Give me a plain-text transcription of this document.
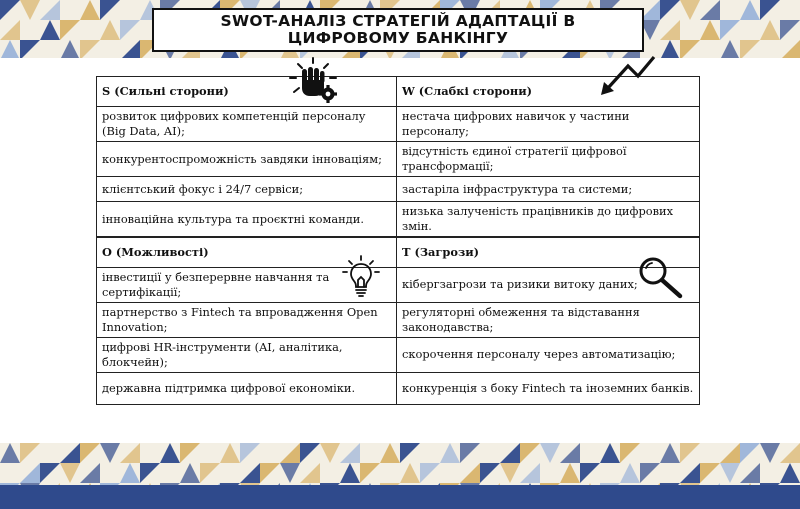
SWOT-АНАЛІЗ СТРАТЕГІЙ АДАПТАЦІЇ В ЦИФРОВОМУ БАНКІНГУ
S (Сильні сторони)	W (Слабкі сторони)
розвиток цифрових компетенцій персоналу (Big Data, AI);	нестача цифрових навичок у частини персоналу;
конкурентоспроможність завдяки інноваціям;	відсутність єдиної стратегії цифрової трансформації;
клієнтський фокус і 24/7 сервіси;	застаріла інфраструктура та системи;
інноваційна культура та проєктні команди.	низька залученість працівників до цифрових змін.
O (Можливості)	T (Загрози)
інвестиції у безперервне навчання та сертифікації;	кібергзагрози та ризики витоку даних;
партнерство з Fintech та впровадження Open Innovation;	регуляторні обмеження та відставання законодавства;
цифрові HR-інструменти (AI, аналітика, блокчейн);	скорочення персоналу через автоматизацію;
державна підтримка цифрової економіки.	конкуренція з боку Fintech та іноземних банків.
